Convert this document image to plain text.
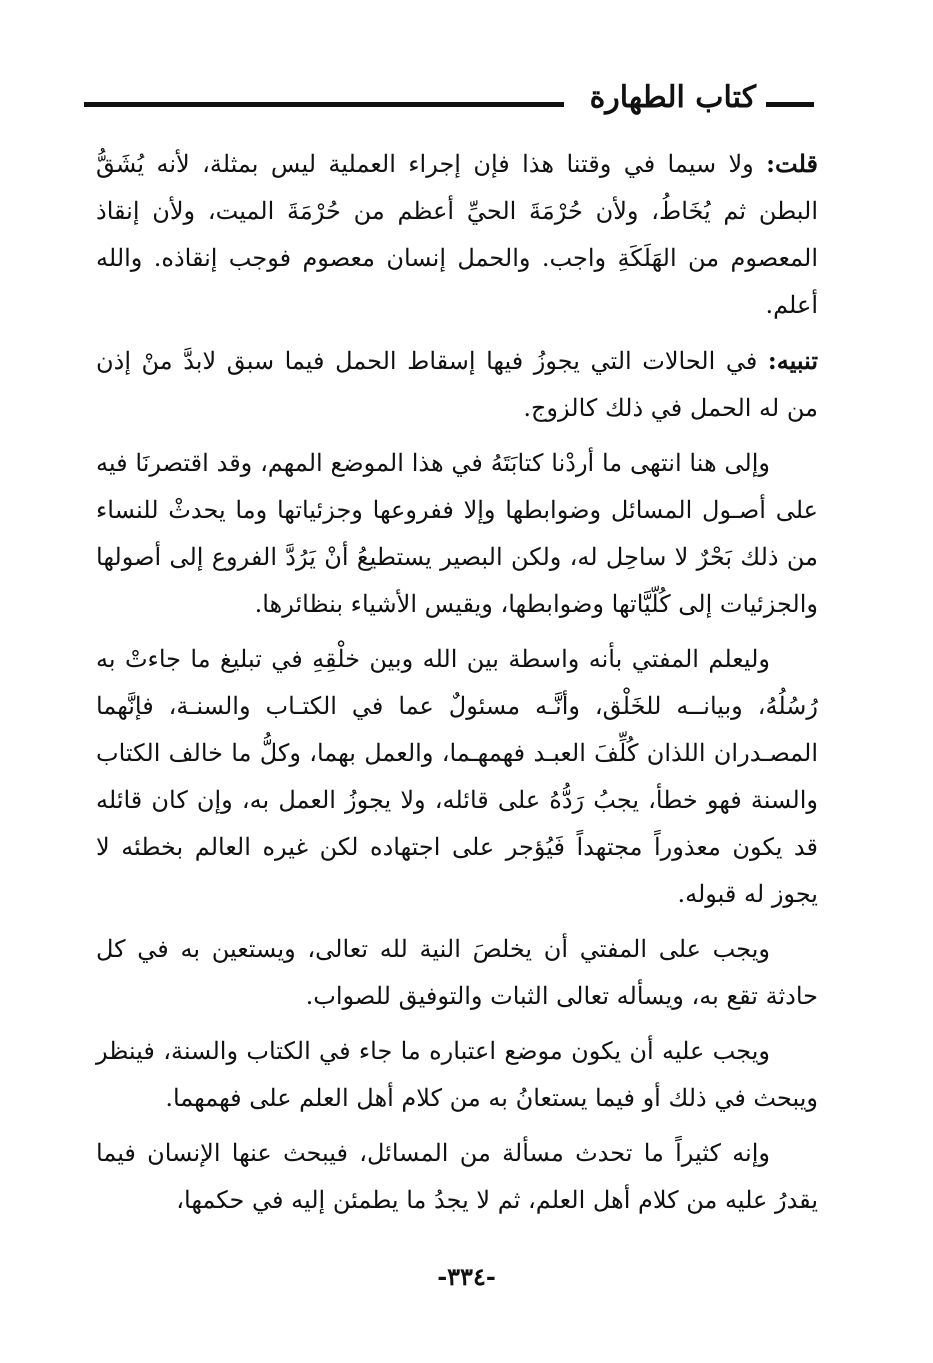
كتاب الطهارة

قلت: ولا سيما في وقتنا هذا فإن إجراء العملية ليس بمثلة، لأنه يُشَقُّ البطن ثم يُخَاطُ، ولأن حُرْمَةَ الحيِّ أعظم من حُرْمَةَ الميت، ولأن إنقاذ المعصوم من الهَلَكَةِ واجب. والحمل إنسان معصوم فوجب إنقاذه. والله أعلم.

تنبيه: في الحالات التي يجوزُ فيها إسقاط الحمل فيما سبق لابدَّ منْ إذن من له الحمل في ذلك كالزوج.

وإلى هنا انتهى ما أردْنا كتابَتَهُ في هذا الموضع المهم، وقد اقتصرنَا فيه على أصـول المسائل وضوابطها وإلا ففروعها وجزئياتها وما يحدثْ للنساء من ذلك بَحْرٌ لا ساحِل له، ولكن البصير يستطيعُ أنْ يَرُدَّ الفروع إلى أصولها والجزئيات إلى كُلّيَّاتها وضوابطها، ويقيس الأشياء بنظائرها.

وليعلم المفتي بأنه واسطة بين الله وبين خلْقِهِ في تبليغ ما جاءتْ به رُسُلُهُ، وبيانــه للخَلْق، وأنَّـه مسئولٌ عما في الكتـاب والسنـة، فإنَّهما المصـدران اللذان كُلِّفَ العبـد فهمهـما، والعمل بهما، وكلُّ ما خالف الكتاب والسنة فهو خطأ، يجبُ رَدُّهُ على قائله، ولا يجوزُ العمل به، وإن كان قائله قد يكون معذوراً مجتهداً فَيُؤجر على اجتهاده لكن غيره العالم بخطئه لا يجوز له قبوله.

ويجب على المفتي أن يخلصَ النية لله تعالى، ويستعين به في كل حادثة تقع به، ويسأله تعالى الثبات والتوفيق للصواب.

ويجب عليه أن يكون موضع اعتباره ما جاء في الكتاب والسنة، فينظر ويبحث في ذلك أو فيما يستعانُ به من كلام أهل العلم على فهمهما.

وإنه كثيراً ما تحدث مسألة من المسائل، فيبحث عنها الإنسان فيما يقدرُ عليه من كلام أهل العلم، ثم لا يجدُ ما يطمئن إليه في حكمها،

-٣٣٤-
